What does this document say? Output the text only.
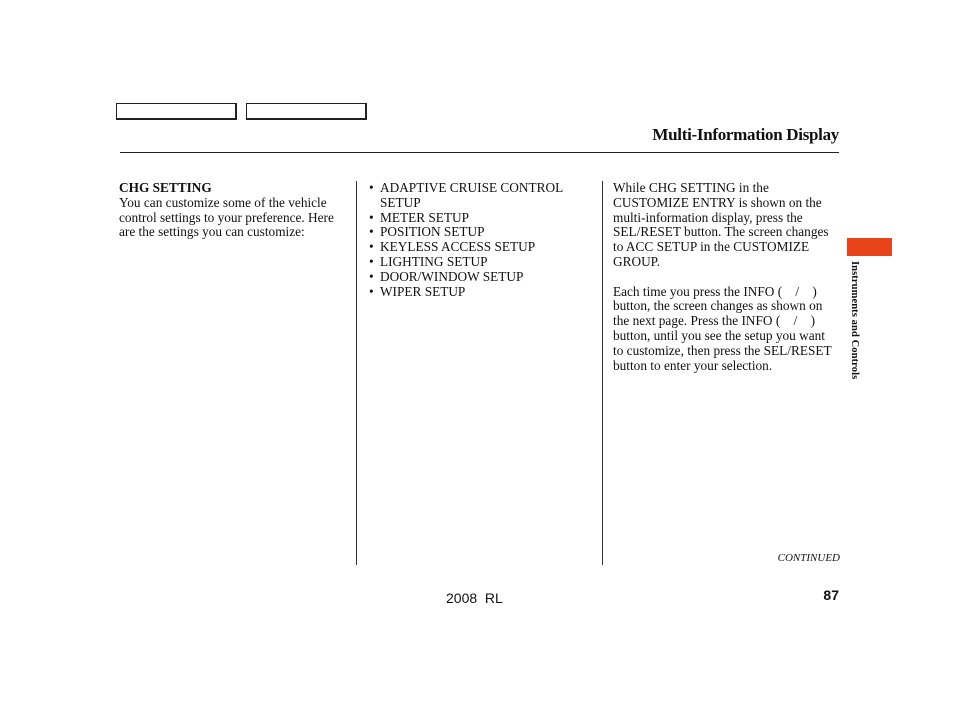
Multi-Information Display
CHG SETTING

You can customize some of the vehicle control settings to your preference. Here are the settings you can customize:

• ADAPTIVE CRUISE CONTROL SETUP
• METER SETUP
• POSITION SETUP
• KEYLESS ACCESS SETUP
• LIGHTING SETUP
• DOOR/WINDOW SETUP
• WIPER SETUP

While CHG SETTING in the CUSTOMIZE ENTRY is shown on the multi-information display, press the SEL/RESET button. The screen changes to ACC SETUP in the CUSTOMIZE GROUP.

Each time you press the INFO (    /    ) button, the screen changes as shown on the next page. Press the INFO (    /    ) button, until you see the setup you want to customize, then press the SEL/RESET button to enter your selection.	Instruments and Controls
CONTINUED
2008  RL	87
